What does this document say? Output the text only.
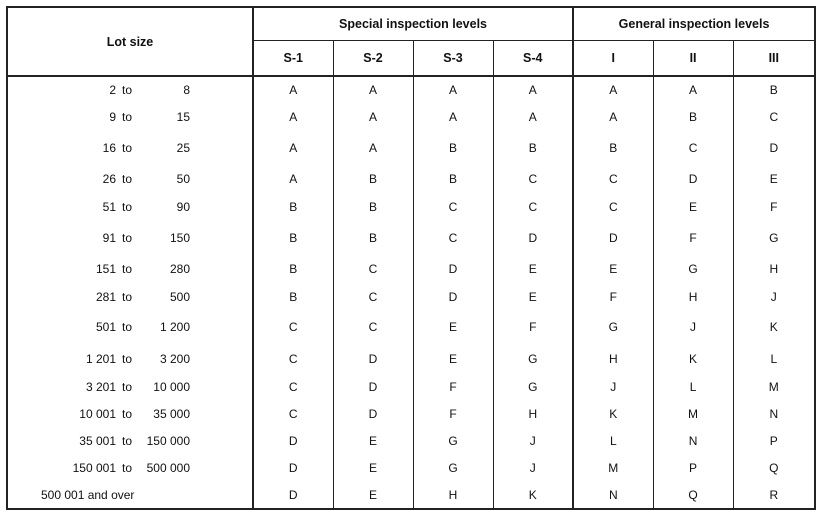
Lot size	Special inspection levels				General inspection levels		
	S-1	S-2	S-3	S-4	I	II	III

2 to 8	A	A	A	A	A	A	B

9 to 15	A	A	A	A	A	B	C

16 to 25	A	A	B	B	B	C	D

26 to 50	A	B	B	C	C	D	E

51 to 90	B	B	C	C	C	E	F

91 to 150	B	B	C	D	D	F	G

151 to 280	B	C	D	E	E	G	H

281 to 500	B	C	D	E	F	H	J

501 to 1 200	C	C	E	F	G	J	K

1 201 to 3 200	C	D	E	G	H	K	L

3 201 to 10 000	C	D	F	G	J	L	M

10 001 to 35 000	C	D	F	H	K	M	N

35 001 to 150 000	D	E	G	J	L	N	P

150 001 to 500 000	D	E	G	J	M	P	Q

500 001 and over	D	E	H	K	N	Q	R
